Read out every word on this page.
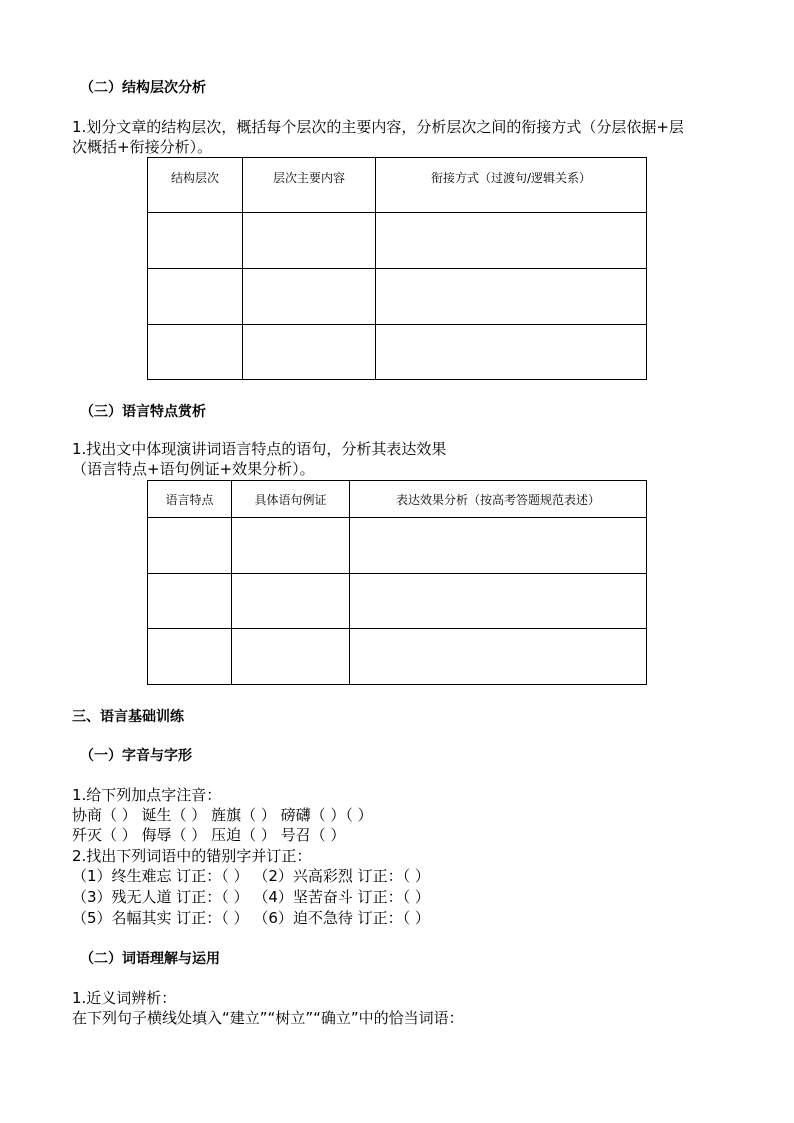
（二）结构层次分析
1.划分文章的结构层次，概括每个层次的主要内容，分析层次之间的衔接方式（分层依据+层
次概括+衔接分析）。
结构层次	层次主要内容	衔接方式（过渡句/逻辑关系）

（三）语言特点赏析
1.找出文中体现演讲词语言特点的语句，分析其表达效果
（语言特点+语句例证+效果分析）。
语言特点	具体语句例证	表达效果分析（按高考答题规范表述）

三、语言基础训练
（一）字音与字形
1.给下列加点字注音：
协商（ ） 诞生（ ） 旌旗（ ） 磅礴（ ）（ ）
歼灭（ ） 侮辱（ ） 压迫（ ） 号召（ ）
2.找出下列词语中的错别字并订正：
（1）终生难忘 订正：（ ） （2）兴高彩烈 订正：（ ）
（3）残无人道 订正：（ ） （4）坚苦奋斗 订正：（ ）
（5）名幅其实 订正：（ ） （6）迫不急待 订正：（ ）
（二）词语理解与运用
1.近义词辨析：
在下列句子横线处填入“建立”“树立”“确立”中的恰当词语：
